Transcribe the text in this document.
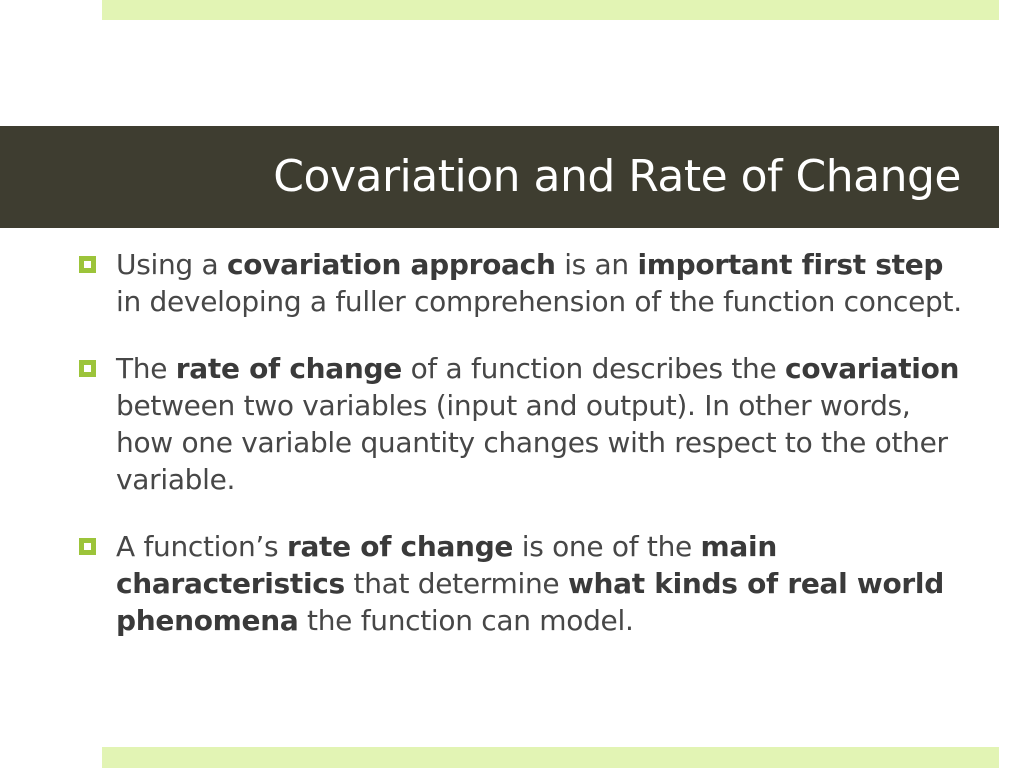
Covariation and Rate of Change
Using a covariation approach is an important first step in developing a fuller comprehension of the function concept.
The rate of change of a function describes the covariation between two variables (input and output). In other words, how one variable quantity changes with respect to the other variable.
A function’s rate of change is one of the main characteristics that determine what kinds of real world phenomena the function can model.
